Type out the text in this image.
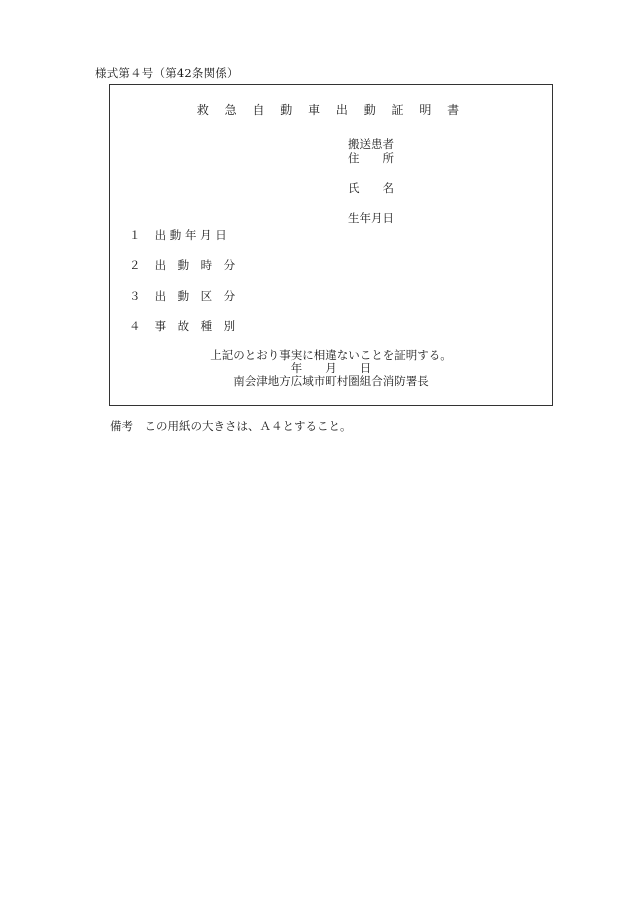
様式第４号（第42条関係）
救 急 自 動 車 出 動 証 明 書
搬送患者
住　　所
氏　　名
生年月日
１ 出 動 年 月 日
２ 出　動　時　分
３ 出　動　区　分
４ 事　故　種　別
上記のとおり事実に相違ないことを証明する。
年　　月　　日
南会津地方広域市町村圏組合消防署長
備考　この用紙の大きさは、Ａ４とすること。
